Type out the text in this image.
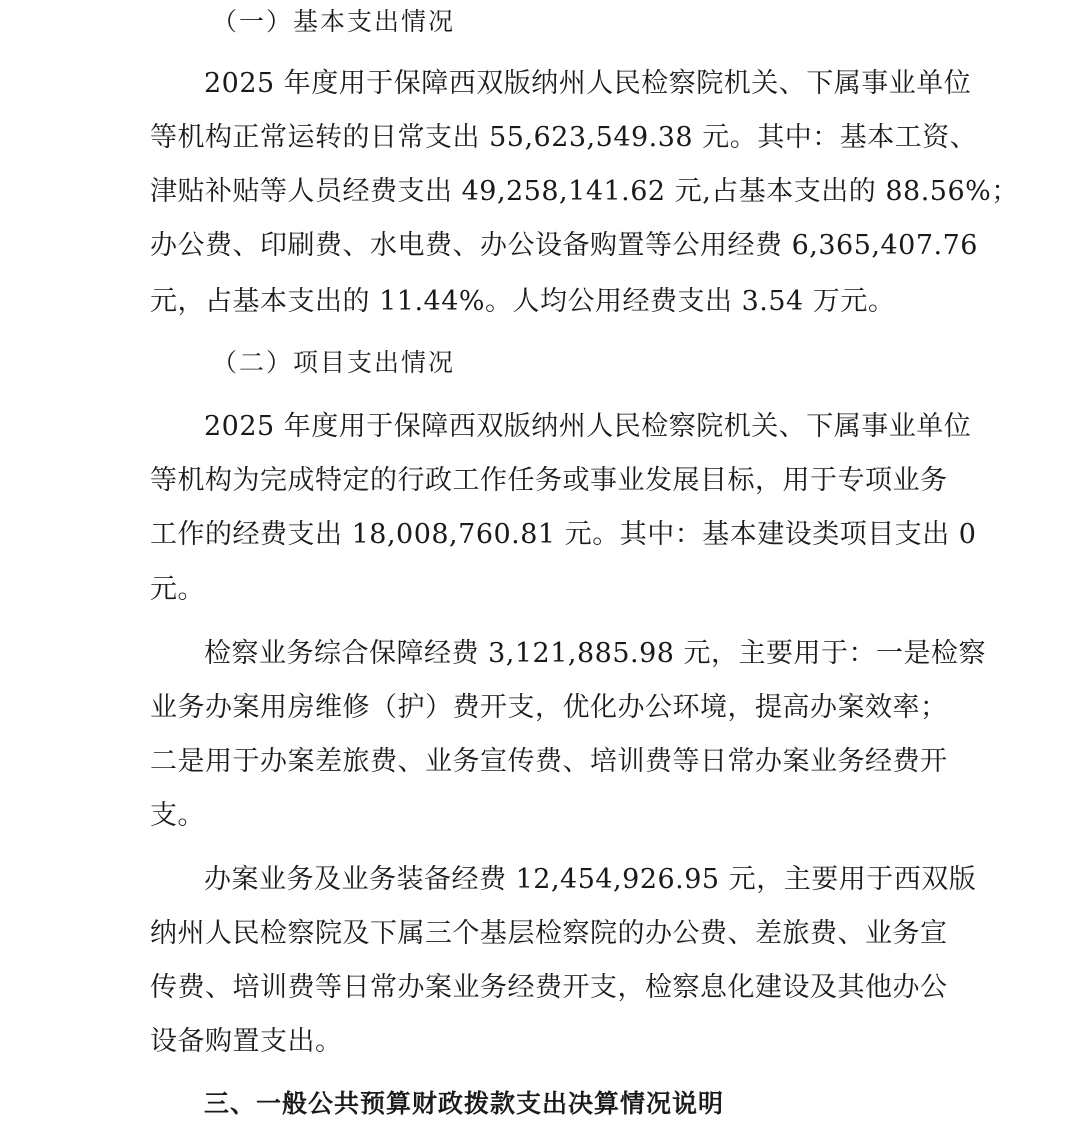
（一）基本支出情况
2025 年度用于保障西双版纳州人民检察院机关、下属事业单位
等机构正常运转的日常支出 55,623,549.38 元。其中：基本工资、
津贴补贴等人员经费支出 49,258,141.62 元,占基本支出的 88.56%；
办公费、印刷费、水电费、办公设备购置等公用经费 6,365,407.76
元，占基本支出的 11.44%。人均公用经费支出 3.54 万元。
（二）项目支出情况
2025 年度用于保障西双版纳州人民检察院机关、下属事业单位
等机构为完成特定的行政工作任务或事业发展目标，用于专项业务
工作的经费支出 18,008,760.81 元。其中：基本建设类项目支出 0
元。
检察业务综合保障经费 3,121,885.98 元，主要用于：一是检察
业务办案用房维修（护）费开支，优化办公环境，提高办案效率；
二是用于办案差旅费、业务宣传费、培训费等日常办案业务经费开
支。
办案业务及业务装备经费 12,454,926.95 元，主要用于西双版
纳州人民检察院及下属三个基层检察院的办公费、差旅费、业务宣
传费、培训费等日常办案业务经费开支，检察息化建设及其他办公
设备购置支出。
三、一般公共预算财政拨款支出决算情况说明
